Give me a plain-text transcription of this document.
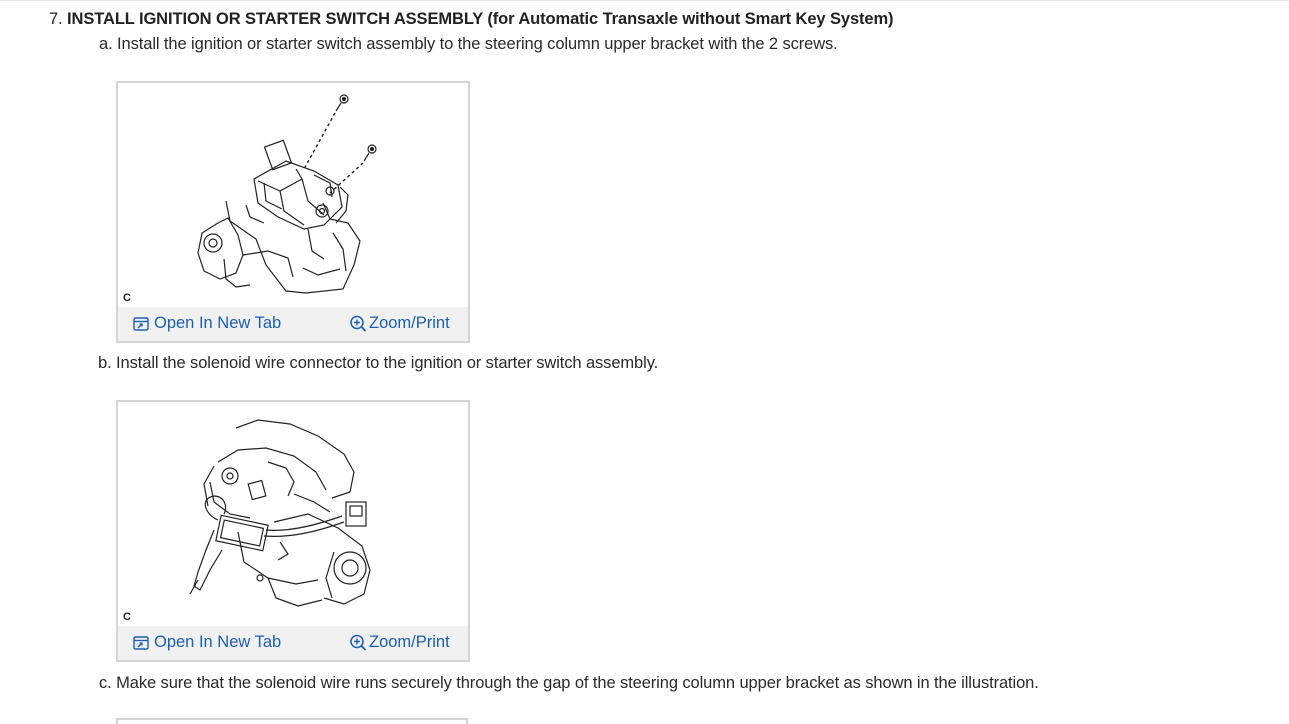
7. INSTALL IGNITION OR STARTER SWITCH ASSEMBLY (for Automatic Transaxle without Smart Key System)
a. Install the ignition or starter switch assembly to the steering column upper bracket with the 2 screws.
C
Open In New Tab	Zoom/Print
b. Install the solenoid wire connector to the ignition or starter switch assembly.
C
Open In New Tab	Zoom/Print
c. Make sure that the solenoid wire runs securely through the gap of the steering column upper bracket as shown in the illustration.
